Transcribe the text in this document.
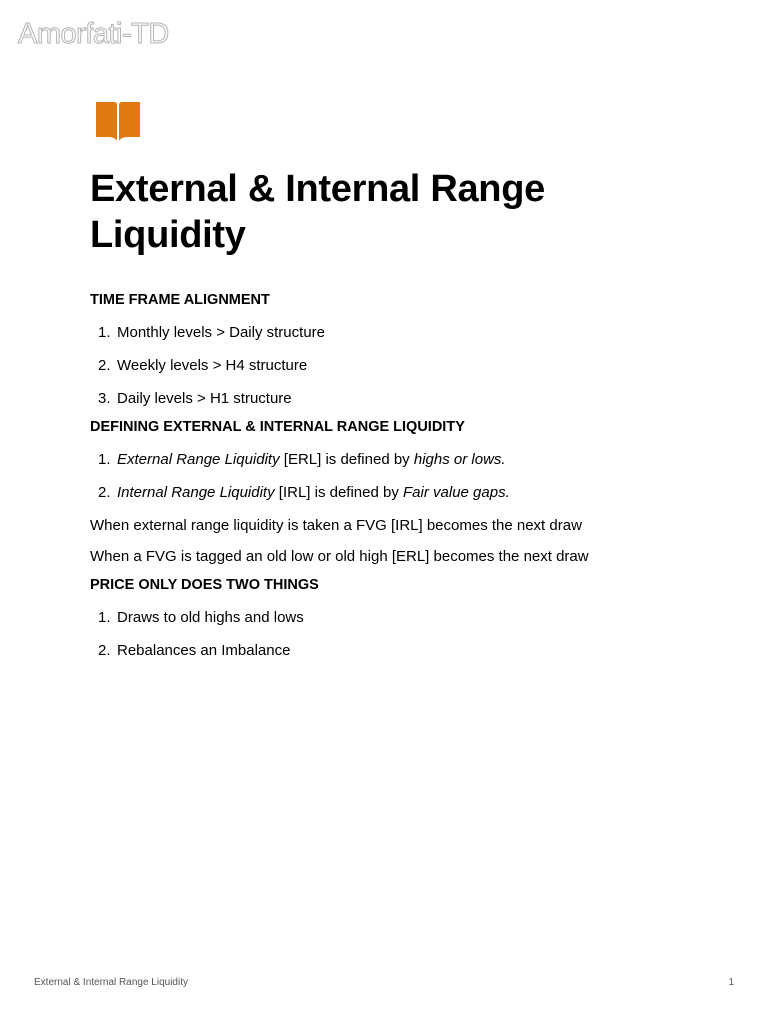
Amorfati-TD
External & Internal Range Liquidity
TIME FRAME ALIGNMENT
1. Monthly levels > Daily structure
2. Weekly levels > H4 structure
3. Daily levels > H1 structure
DEFINING EXTERNAL & INTERNAL RANGE LIQUIDITY
1. External Range Liquidity [ERL] is defined by highs or lows.
2. Internal Range Liquidity [IRL] is defined by Fair value gaps.
When external range liquidity is taken a FVG [IRL] becomes the next draw
When a FVG is tagged an old low or old high [ERL] becomes the next draw
PRICE ONLY DOES TWO THINGS
1. Draws to old highs and lows
2. Rebalances an Imbalance
External & Internal Range Liquidity	1
